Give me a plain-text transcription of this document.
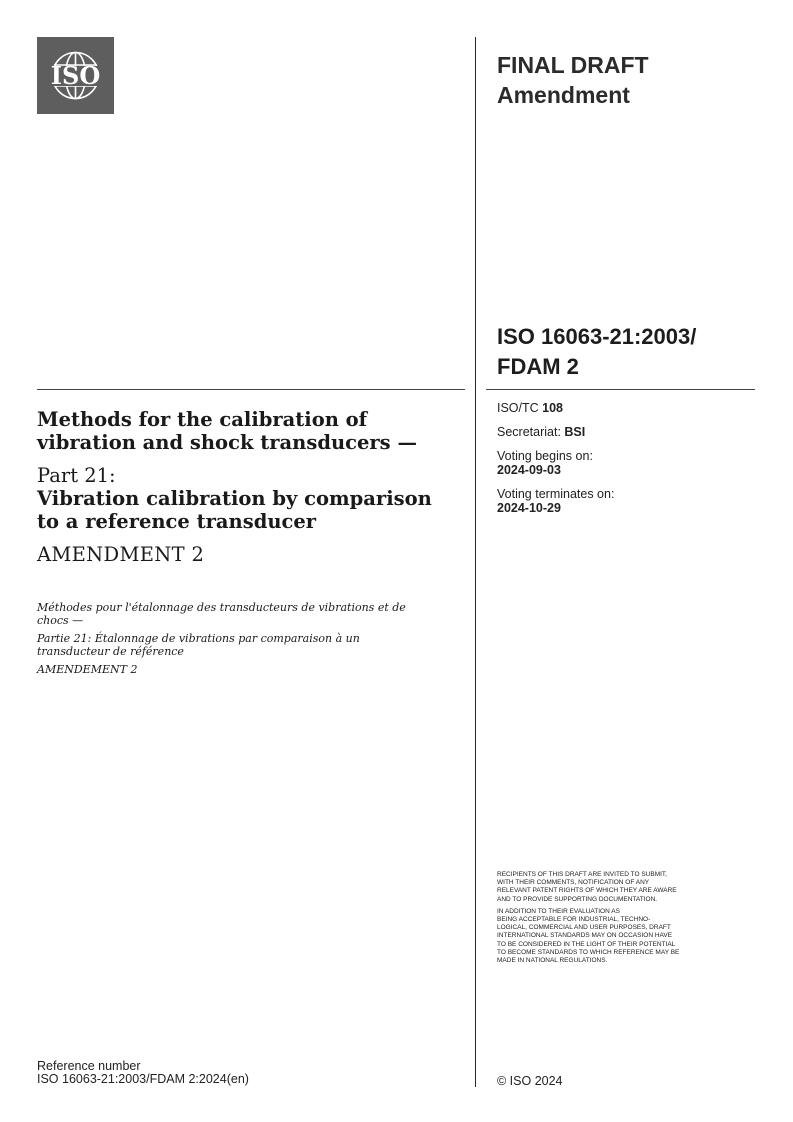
ISO	FINAL DRAFT
Amendment
ISO 16063-21:2003/
FDAM 2
ISO/TC 108
Secretariat: BSI
Voting begins on:
2024-09-03
Voting terminates on:
2024-10-29

Methods for the calibration of
vibration and shock transducers —

Part 21:

Vibration calibration by comparison
to a reference transducer

AMENDMENT 2

Méthodes pour l'étalonnage des transducteurs de vibrations et de
chocs —

Partie 21: Étalonnage de vibrations par comparaison à un
transducteur de référence

AMENDEMENT 2

RECIPIENTS OF THIS DRAFT ARE INVITED TO SUBMIT,
WITH THEIR COMMENTS, NOTIFICATION OF ANY
RELEVANT PATENT RIGHTS OF WHICH THEY ARE AWARE
AND TO PROVIDE SUPPORTING DOCUMENTATION.

IN ADDITION TO THEIR EVALUATION AS
BEING ACCEPTABLE FOR INDUSTRIAL, TECHNO-
LOGICAL, COMMERCIAL AND USER PURPOSES, DRAFT
INTERNATIONAL STANDARDS MAY ON OCCASION HAVE
TO BE CONSIDERED IN THE LIGHT OF THEIR POTENTIAL
TO BECOME STANDARDS TO WHICH REFERENCE MAY BE
MADE IN NATIONAL REGULATIONS.

Reference number
ISO 16063-21:2003/FDAM 2:2024(en)	© ISO 2024
